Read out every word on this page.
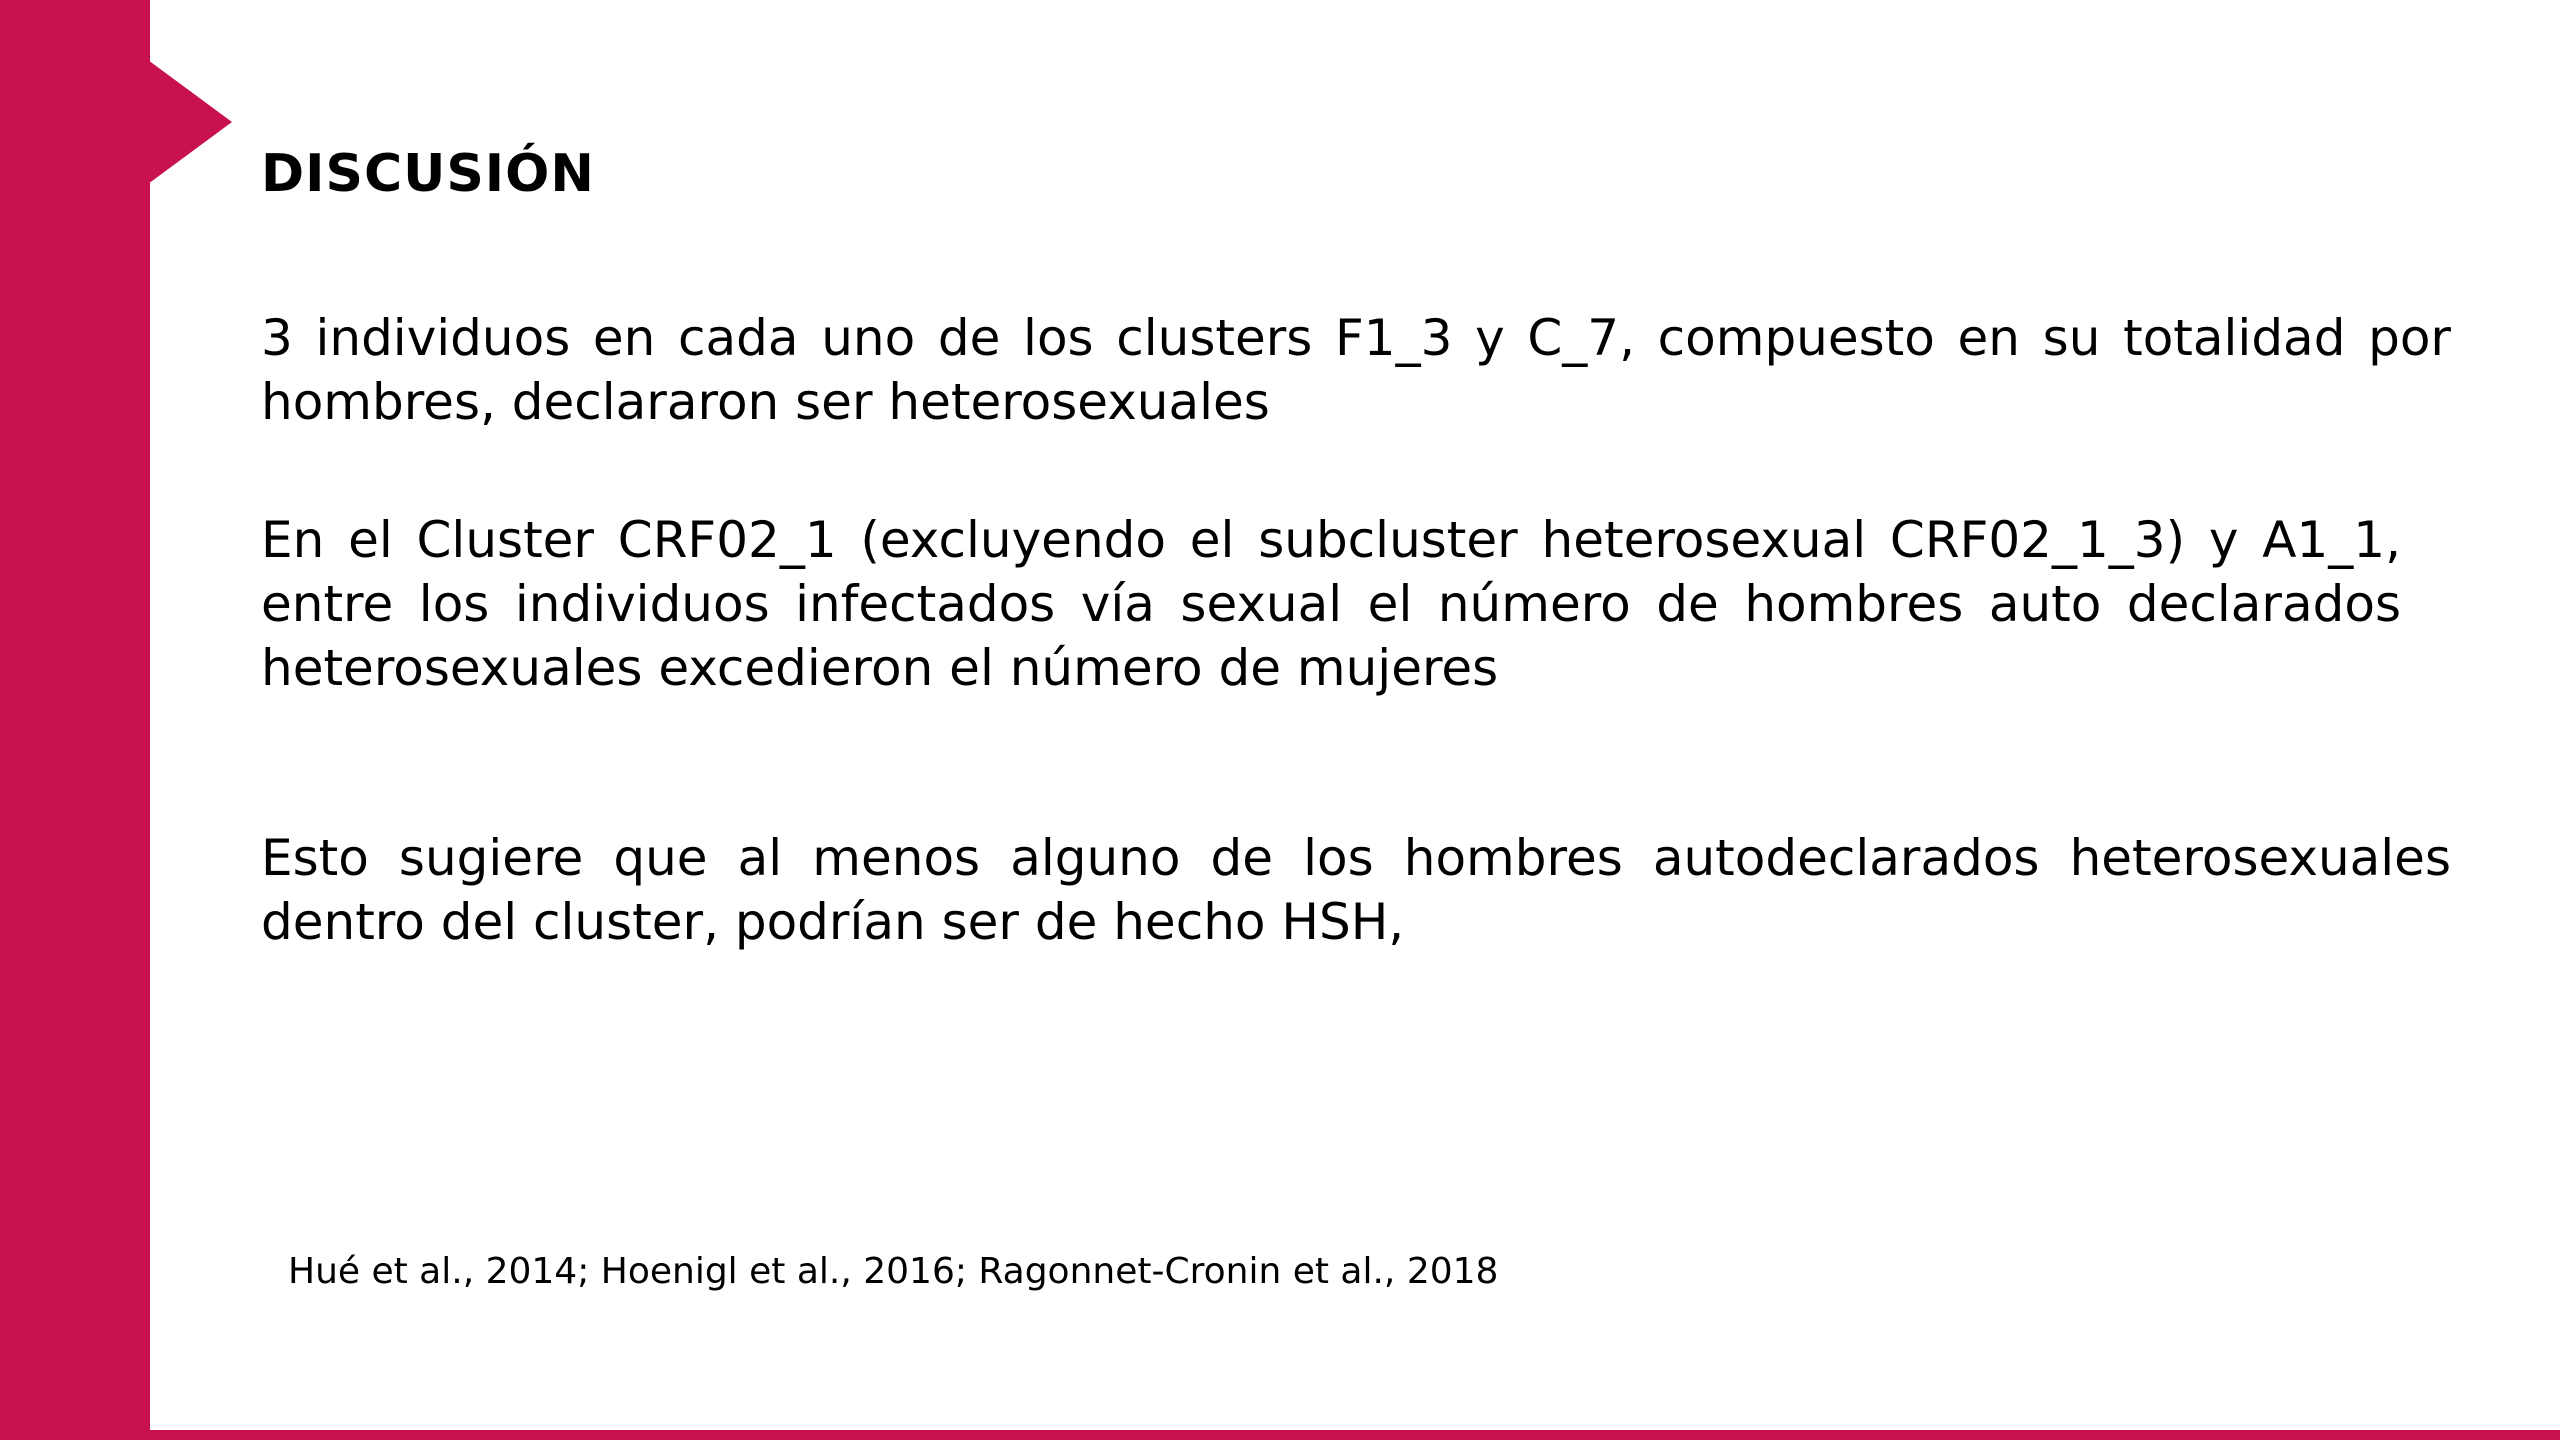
DISCUSIÓN

3 individuos en cada uno de los clusters F1_3 y C_7, compuesto en su totalidad por hombres, declararon ser heterosexuales

En el Cluster CRF02_1 (excluyendo el subcluster heterosexual CRF02_1_3) y A1_1, entre los individuos infectados vía sexual el número de hombres auto declarados heterosexuales excedieron el número de mujeres

Esto sugiere que al menos alguno de los hombres autodeclarados heterosexuales dentro del cluster, podrían ser de hecho HSH,

Hué et al., 2014; Hoenigl et al., 2016; Ragonnet-Cronin et al., 2018
